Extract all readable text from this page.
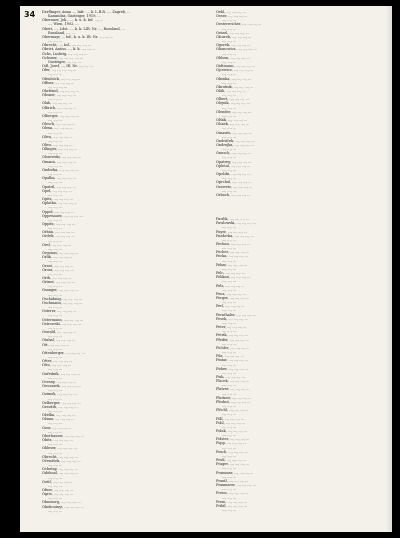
34 Derflinger, Anna ..., Infr. ..., k. L.B.R. ..., Zagreb, ...
Kamnidaz, Gasteiger, 1919, ...
Oberauer, Joh., ..., k. u. k. Inf. ..., ...
..., Wien, 1902, ...
Obert, ..., Ldst. ..., k. k. LIR. Nr. ..., Russland, ...
Russland, ..., ...
Obermayr, ... Inf., k. u. k. IR. Nr. ..., ..., ...
..., ..., ...
Obrecht, ..., Inf., ..., ..., ..., ...
Obrist, Anton, ..., k. k. ..., ..., ...
Ochs, Ludwig, ..., ..., ..., ...
Ochsner, ..., ..., ..., ..., ...
Gasteiger, ..., ..., ...
Odl, Josef, ..., IR. Nr. ..., ..., ...
Ofer, ..., ..., ..., ..., ...
..., ..., ...
Ofenböck, ..., ..., ..., ...
Offner, ..., ..., ..., ...
..., ..., ..., ...
Ohrfeind, ..., ..., ..., ...
Ohsner, ..., ..., ..., ...
..., ..., ...
Olah, ..., ..., ..., ...
Olbrich, ..., ..., ..., ...
..., ..., ...
Olberger, ..., ..., ..., ...
..., ..., ...
Olesch, ..., ..., ..., ...
Olexa, ..., ..., ..., ...
..., ..., ...
Oliva, ..., ..., ..., ...
..., ..., ...
Olivo, ..., ..., ..., ...
Ollinger, ..., ..., ..., ...
..., ..., ...
Olszewski, ..., ..., ..., ...
Omann, ..., ..., ..., ...
..., ..., ...
Onderka, ..., ..., ..., ...
..., ..., ...
Opalka, ..., ..., ..., ...
..., ..., ...
Opatril, ..., ..., ..., ...
Opel, ..., ..., ..., ...
..., ..., ...
Opitz, ..., ..., ..., ...
Oplatka, ..., ..., ..., ...
..., ..., ...
Oppel, ..., ..., ..., ...
Oppenauer, ..., ..., ..., ...
..., ..., ...
Oppitz, ..., ..., ..., ...
..., ..., ...
Orbán, ..., ..., ..., ...
Ordelt, ..., ..., ..., ...
..., ..., ...
Orel, ..., ..., ..., ...
..., ..., ...
Orgonas, ..., ..., ..., ...
Orlik, ..., ..., ..., ...
..., ..., ...
Ornst, ..., ..., ..., ...
Orosz, ..., ..., ..., ...
..., ..., ...
Orth, ..., ..., ..., ...
Ortner, ..., ..., ..., ...
..., ..., ...
Osanger, ..., ..., ..., ...
..., ..., ...
Oschabnig, ..., ..., ..., ...
Oschmann, ..., ..., ..., ...
..., ..., ...
Osterer, ..., ..., ..., ...
..., ..., ...
Ostermann, ..., ..., ..., ...
Ostrowski, ..., ..., ..., ...
..., ..., ...
Oswald, ..., ..., ..., ...
..., ..., ...
Otahal, ..., ..., ..., ...
Ott, ..., ..., ..., ...
..., ..., ...
Ottenberger, ..., ..., ..., ...
..., ..., ...
Otter, ..., ..., ..., ...
Otto, ..., ..., ..., ...
..., ..., ...
Ouředník, ..., ..., ..., ...
..., ..., ...
Ovesny, ..., ..., ..., ...
Owczarek, ..., ..., ..., ...
..., ..., ...
Ozimek, ..., ..., ..., ...
..., ..., ...
Ozlberger, ..., ..., ..., ...
Özsváth, ..., ..., ..., ...
..., ..., ...
Oželka, ..., ..., ..., ...
Ožana, ..., ..., ..., ...
..., ..., ...
Ozor, ..., ..., ..., ...
..., ..., ...
Oberhauser, ..., ..., ..., ...
Obitz, ..., ..., ..., ...
..., ..., ...
Obleser, ..., ..., ..., ...
..., ..., ...
Obrecht, ..., ..., ..., ...
Očenášek, ..., ..., ..., ...
..., ..., ...
Ochotny, ..., ..., ..., ...
Odehnal, ..., ..., ..., ...
..., ..., ...
Oettl, ..., ..., ..., ...
..., ..., ...
Ofner, ..., ..., ..., ...
Ogris, ..., ..., ..., ...
..., ..., ...
Ohnesorg, ..., ..., ..., ...
Okolicsányi, ..., ..., ..., ...
..., ..., ...
Oehl, ..., ..., ..., ...
Oeser, ..., ..., ..., ...
..., ..., ...
Oesterreicher, ..., ..., ..., ...
..., ..., ...
Oetzel, ..., ..., ..., ...
Ofcarek, ..., ..., ..., ...
..., ..., ...
Ogorek, ..., ..., ..., ...
Ohanowicz, ..., ..., ..., ...
..., ..., ...
Ohlsen, ..., ..., ..., ...
..., ..., ...
Oidtmann, ..., ..., ..., ...
Ojcewicz, ..., ..., ..., ...
..., ..., ...
Okenka, ..., ..., ..., ...
..., ..., ...
Okrutnik, ..., ..., ..., ...
Oláh, ..., ..., ..., ...
..., ..., ...
Olbert, ..., ..., ..., ...
Olejnik, ..., ..., ..., ...
..., ..., ...
Olender, ..., ..., ..., ...
..., ..., ...
Olšák, ..., ..., ..., ...
Olszak, ..., ..., ..., ...
..., ..., ...
Omasits, ..., ..., ..., ...
..., ..., ...
Ondráček, ..., ..., ..., ...
Ondrejka, ..., ..., ..., ...
..., ..., ...
Onusch, ..., ..., ..., ...
..., ..., ...
Opatrny, ..., ..., ..., ...
Opletal, ..., ..., ..., ...
..., ..., ...
Opolski, ..., ..., ..., ...
..., ..., ...
Oprchal, ..., ..., ..., ...
Orawetz, ..., ..., ..., ...
..., ..., ...
Orbach, ..., ..., ..., ...
Pawlik, ..., ..., ..., ...
Pawlowski, ..., ..., ..., ...
..., ..., ...
Payer, ..., ..., ..., ...
Pazderka, ..., ..., ..., ...
..., ..., ...
Pechan, ..., ..., ..., ...
..., ..., ...
Pecher, ..., ..., ..., ...
Pecka, ..., ..., ..., ...
..., ..., ...
Pekar, ..., ..., ..., ...
..., ..., ...
Pelc, ..., ..., ..., ...
Pelikan, ..., ..., ..., ...
..., ..., ...
Pelz, ..., ..., ..., ...
..., ..., ...
Penz, ..., ..., ..., ...
Perger, ..., ..., ..., ...
..., ..., ...
Perl, ..., ..., ..., ...
..., ..., ...
Pernthaler, ..., ..., ..., ...
Pesek, ..., ..., ..., ...
..., ..., ...
Peter, ..., ..., ..., ...
..., ..., ...
Petrik, ..., ..., ..., ...
Pfeifer, ..., ..., ..., ...
..., ..., ...
Pichler, ..., ..., ..., ...
..., ..., ...
Pilz, ..., ..., ..., ...
Pintar, ..., ..., ..., ...
..., ..., ...
Pirker, ..., ..., ..., ...
..., ..., ...
Pisk, ..., ..., ..., ...
Placek, ..., ..., ..., ...
..., ..., ...
Platzer, ..., ..., ..., ...
..., ..., ...
Plattner, ..., ..., ..., ...
Pleskot, ..., ..., ..., ...
..., ..., ...
Plöchl, ..., ..., ..., ...
..., ..., ...
Pöll, ..., ..., ..., ...
Pohl, ..., ..., ..., ...
..., ..., ...
Polak, ..., ..., ..., ...
..., ..., ...
Polster, ..., ..., ..., ...
Popp, ..., ..., ..., ...
..., ..., ...
Posch, ..., ..., ..., ...
..., ..., ...
Postl, ..., ..., ..., ...
Prager, ..., ..., ..., ...
..., ..., ...
Prammer, ..., ..., ..., ...
..., ..., ...
Prantl, ..., ..., ..., ...
Praxmarer, ..., ..., ..., ...
..., ..., ...
Preiss, ..., ..., ..., ...
..., ..., ...
Prem, ..., ..., ..., ...
Pribil, ..., ..., ..., ...
..., ..., ...
